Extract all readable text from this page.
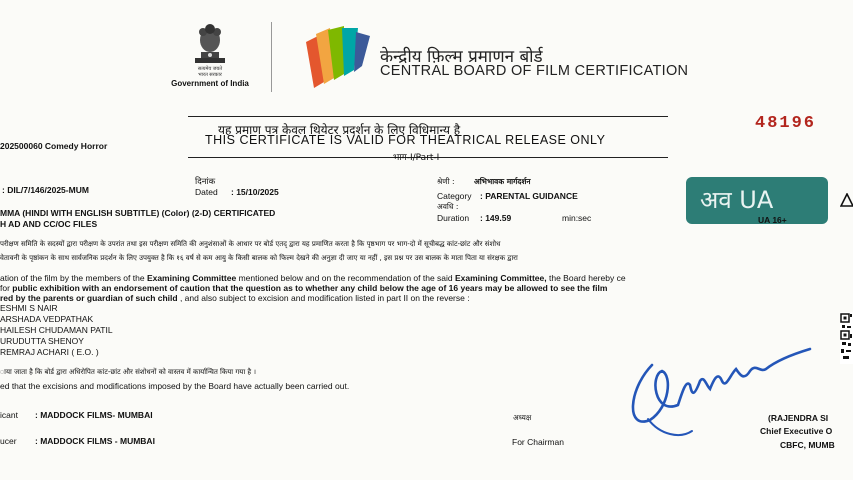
सत्यमेव जयते
भारत सरकार
Government of India
केन्द्रीय फ़िल्म प्रमाणन बोर्ड
CENTRAL BOARD OF FILM CERTIFICATION
यह प्रमाण पत्र केवल थियेटर प्रदर्शन के लिए विधिमान्य है
THIS CERTIFICATE IS VALID FOR THEATRICAL RELEASE ONLY
भाग-I/Part-I
48196
202500060 Comedy Horror
: DIL/7/146/2025-MUM
दिनांक
Dated : 15/10/2025
श्रेणी :	अभिभावक मार्गदर्शन
Category : PARENTAL GUIDANCE
अवधि :
Duration : 149.59	min:sec
अव UA
UA 16+
MMA (HINDI WITH ENGLISH SUBTITLE) (Color) (2-D) CERTIFICATED
H AD AND CC/OC FILES
परीक्षण समिति के सदस्यों द्वारा परीक्षण के उपरांत तथा इस परीक्षण समिति की अनुशंसाओं के आधार पर बोर्ड एतद् द्वारा यह प्रमाणित करता है कि पृष्ठभाग पर भाग-दो में सूचीबद्ध कांट-छांट और संशोध
वेतावनी के पृष्ठांकन के साथ सार्वजनिक प्रदर्शन के लिए उपयुक्त है कि १६ वर्ष से कम आयु के किसी बालक को फिल्म देखने की अनुज्ञा दी जाए या नहीं , इस प्रश्न पर उस बालक के माता पिता या संरक्षक द्वारा
ation of the film by the members of the Examining Committee mentioned below and on the recommendation of the said Examining Committee, the Board hereby ce
for public exhibition with an endorsement of caution that the question as to whether any child below the age of 16 years may be allowed to see the film
red by the parents or guardian of such child , and also subject to excision and modification listed in part II on the reverse :
ESHMI S NAIR
ARSHADA VEDPATHAK
HAILESH CHUDAMAN PATIL
URUDUTTA SHENOY
REMRAJ ACHARI ( E.O. )
ाया जाता है कि बोर्ड द्वारा अधिरोपित कांट-छांट और संशोधनों को वास्तव में कार्यान्वित किया गया है ।
ed that the excisions and modifications imposed by the Board have actually been carried out.
icant : MADDOCK FILMS- MUMBAI
ucer : MADDOCK FILMS - MUMBAI
अध्यक्ष
For Chairman
(RAJENDRA SI
Chief Executive O
CBFC, MUMB
